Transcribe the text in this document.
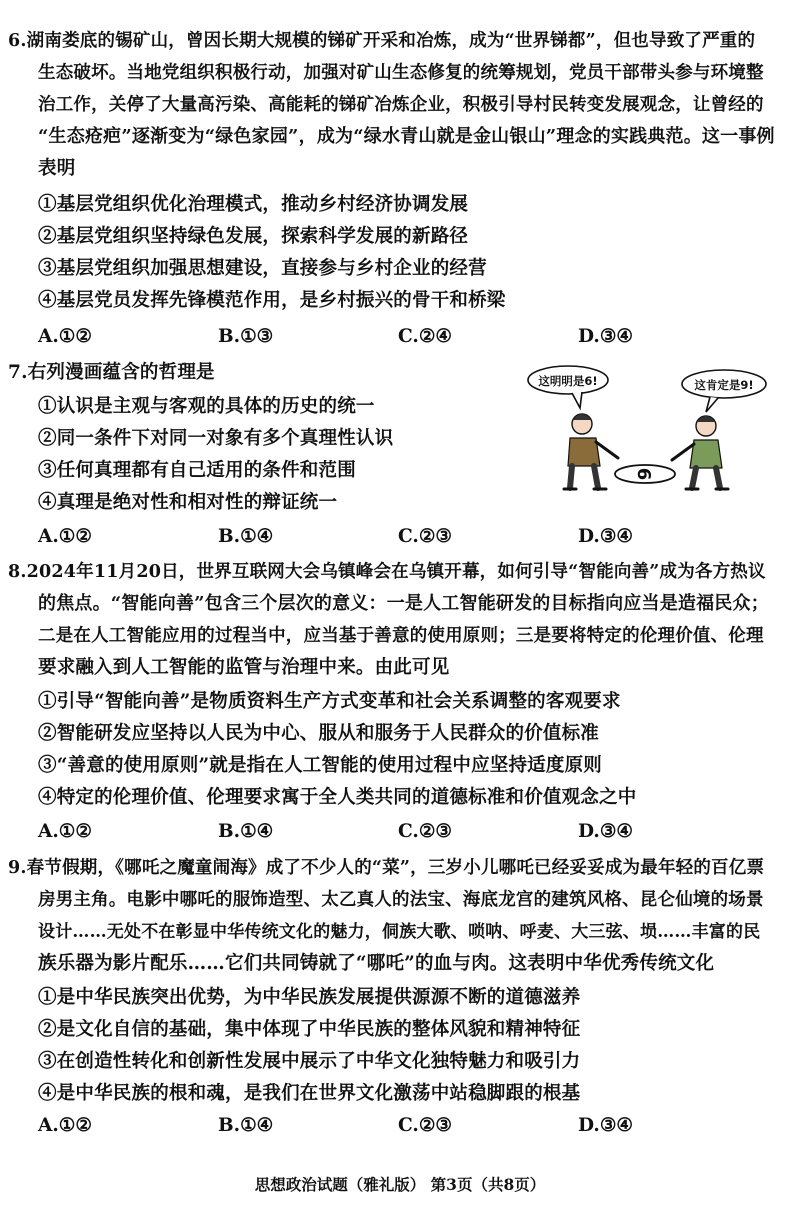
6.湖南娄底的锡矿山，曾因长期大规模的锑矿开采和冶炼，成为“世界锑都”，但也导致了严重的
生态破坏。当地党组织积极行动，加强对矿山生态修复的统筹规划，党员干部带头参与环境整
治工作，关停了大量高污染、高能耗的锑矿冶炼企业，积极引导村民转变发展观念，让曾经的
“生态疮疤”逐渐变为“绿色家园”，成为“绿水青山就是金山银山”理念的实践典范。这一事例
表明
①基层党组织优化治理模式，推动乡村经济协调发展
②基层党组织坚持绿色发展，探索科学发展的新路径
③基层党组织加强思想建设，直接参与乡村企业的经营
④基层党员发挥先锋模范作用，是乡村振兴的骨干和桥梁
A.①②	B.①③	C.②④	D.③④
7.右列漫画蕴含的哲理是
①认识是主观与客观的具体的历史的统一
②同一条件下对同一对象有多个真理性认识
③任何真理都有自己适用的条件和范围
④真理是绝对性和相对性的辩证统一
A.①②	B.①④	C.②③	D.③④
这明明是6!	这肯定是9!
6
8.2024年11月20日，世界互联网大会乌镇峰会在乌镇开幕，如何引导“智能向善”成为各方热议
的焦点。“智能向善”包含三个层次的意义：一是人工智能研发的目标指向应当是造福民众；
二是在人工智能应用的过程当中，应当基于善意的使用原则；三是要将特定的伦理价值、伦理
要求融入到人工智能的监管与治理中来。由此可见
①引导“智能向善”是物质资料生产方式变革和社会关系调整的客观要求
②智能研发应坚持以人民为中心、服从和服务于人民群众的价值标准
③“善意的使用原则”就是指在人工智能的使用过程中应坚持适度原则
④特定的伦理价值、伦理要求寓于全人类共同的道德标准和价值观念之中
A.①②	B.①④	C.②③	D.③④
9.春节假期，《哪吒之魔童闹海》成了不少人的“菜”，三岁小儿哪吒已经妥妥成为最年轻的百亿票
房男主角。电影中哪吒的服饰造型、太乙真人的法宝、海底龙宫的建筑风格、昆仑仙境的场景
设计……无处不在彰显中华传统文化的魅力，侗族大歌、唢呐、呼麦、大三弦、埙……丰富的民
族乐器为影片配乐……它们共同铸就了“哪吒”的血与肉。这表明中华优秀传统文化
①是中华民族突出优势，为中华民族发展提供源源不断的道德滋养
②是文化自信的基础，集中体现了中华民族的整体风貌和精神特征
③在创造性转化和创新性发展中展示了中华文化独特魅力和吸引力
④是中华民族的根和魂，是我们在世界文化激荡中站稳脚跟的根基
A.①②	B.①④	C.②③	D.③④
思想政治试题（雅礼版） 第3页（共8页）
